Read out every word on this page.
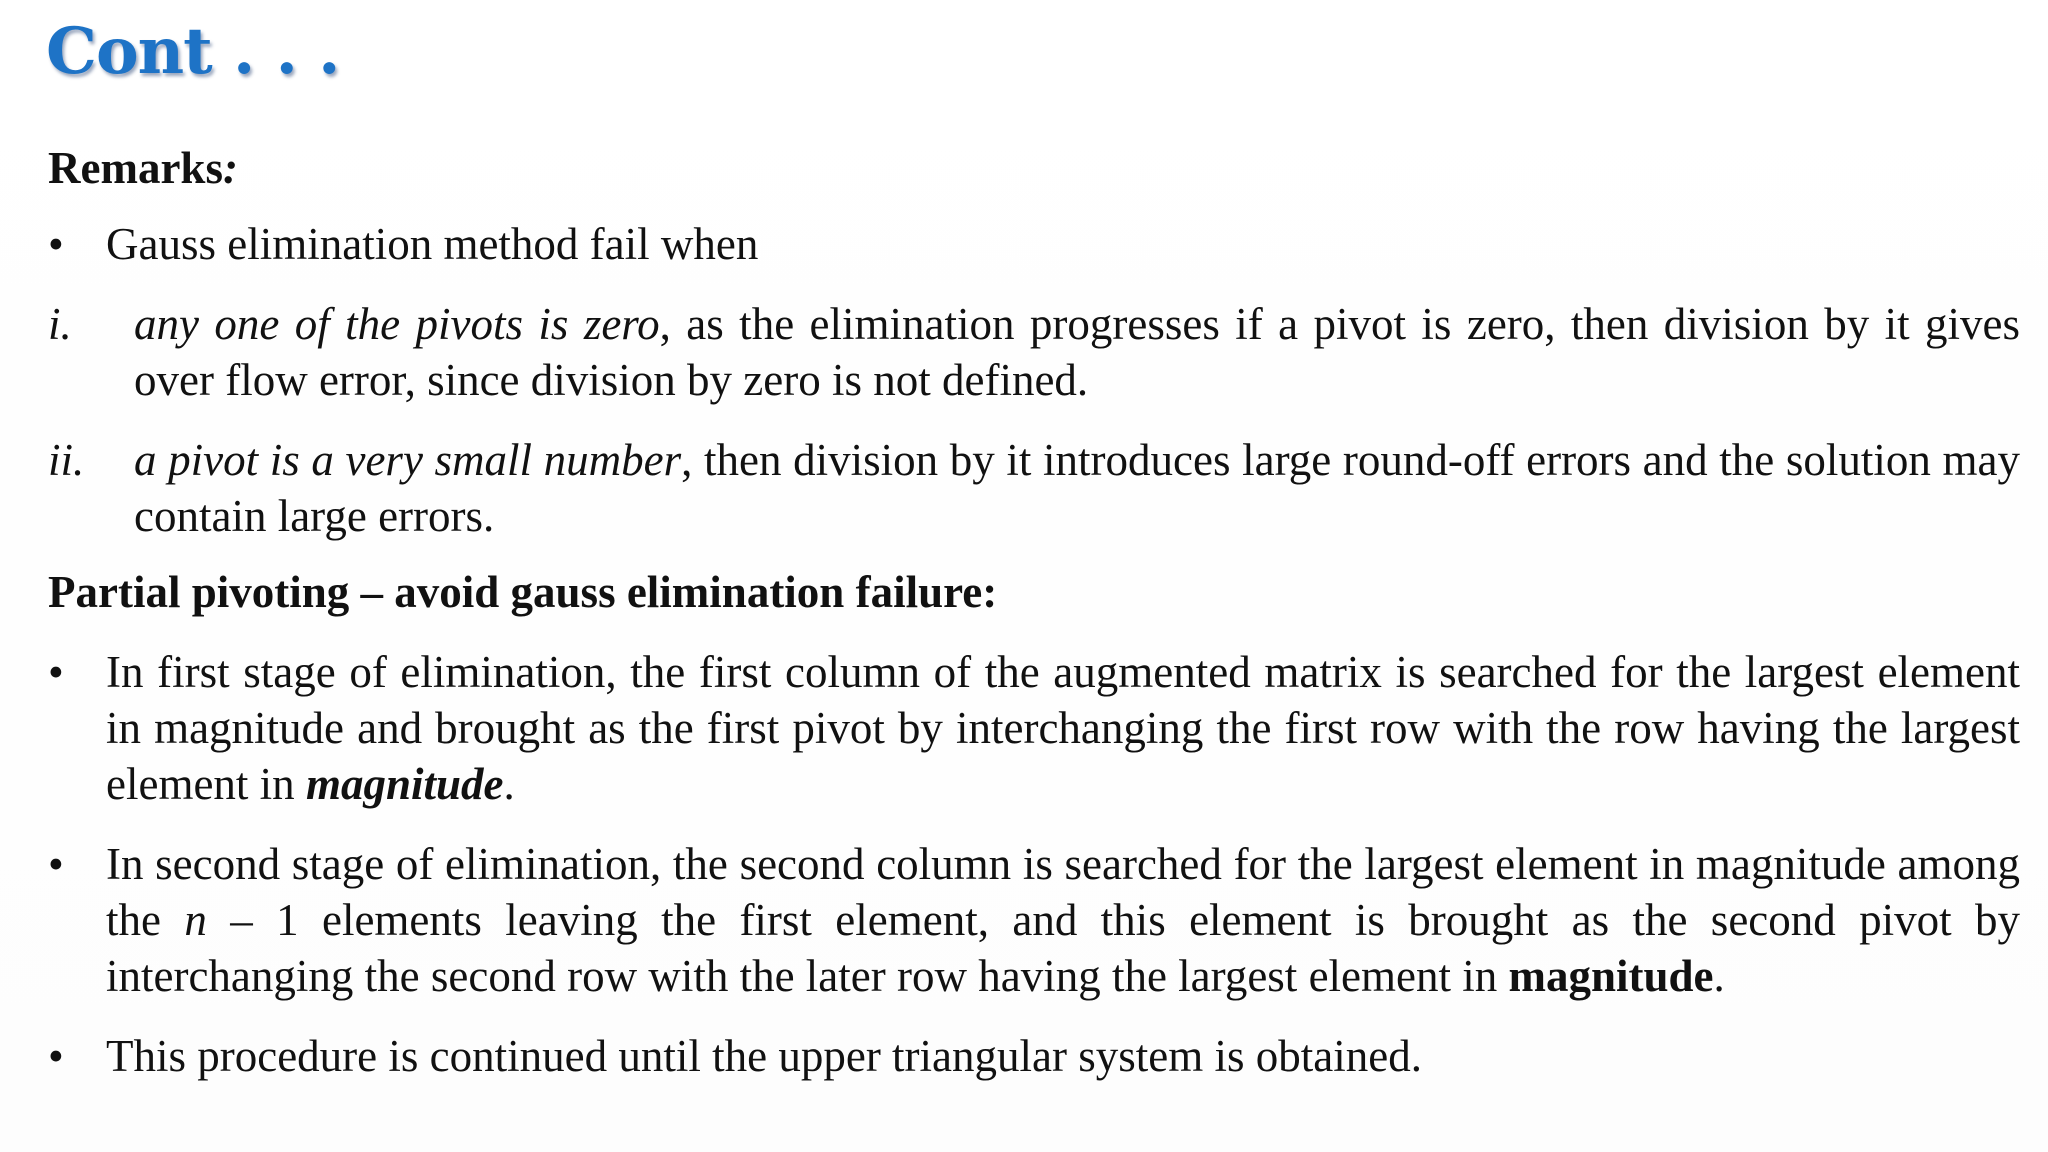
Cont . . .

Remarks:

• Gauss elimination method fail when

i. any one of the pivots is zero, as the elimination progresses if a pivot is zero, then division by it gives over flow error, since division by zero is not defined.

ii. a pivot is a very small number, then division by it introduces large round-off errors and the solution may contain large errors.

Partial pivoting – avoid gauss elimination failure:

• In first stage of elimination, the first column of the augmented matrix is searched for the largest element in magnitude and brought as the first pivot by interchanging the first row with the row having the largest element in magnitude.

• In second stage of elimination, the second column is searched for the largest element in magnitude among the n – 1 elements leaving the first element, and this element is brought as the second pivot by interchanging the second row with the later row having the largest element in magnitude.

• This procedure is continued until the upper triangular system is obtained.
